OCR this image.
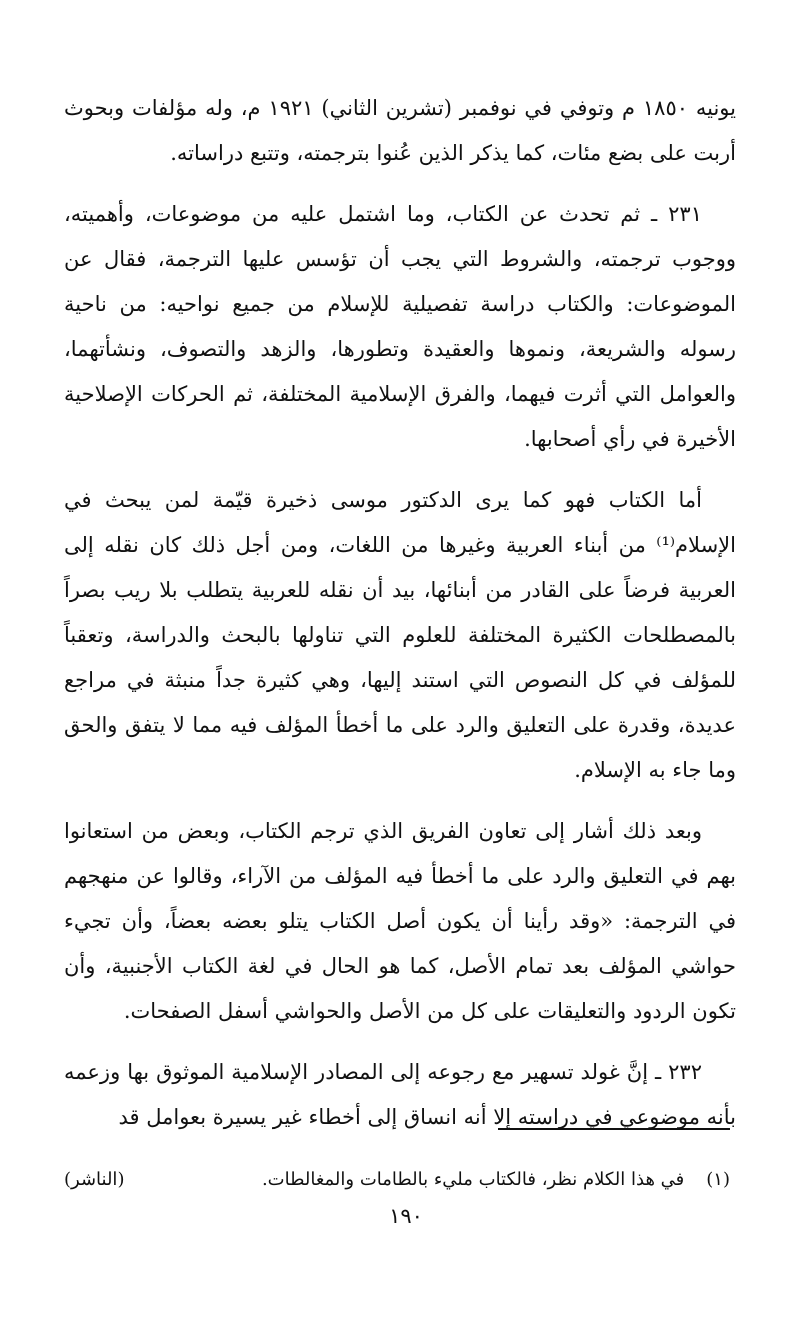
يونيه ١٨٥٠ م وتوفي في نوفمبر (تشرين الثاني) ١٩٢١ م، وله مؤلفات وبحوث أربت على بضع مئات، كما يذكر الذين عُنوا بترجمته، وتتبع دراساته.

٢٣١ ـ ثم تحدث عن الكتاب، وما اشتمل عليه من موضوعات، وأهميته، ووجوب ترجمته، والشروط التي يجب أن تؤسس عليها الترجمة، فقال عن الموضوعات: والكتاب دراسة تفصيلية للإسلام من جميع نواحيه: من ناحية رسوله والشريعة، ونموها والعقيدة وتطورها، والزهد والتصوف، ونشأتهما، والعوامل التي أثرت فيهما، والفرق الإسلامية المختلفة، ثم الحركات الإصلاحية الأخيرة في رأي أصحابها.

أما الكتاب فهو كما يرى الدكتور موسى ذخيرة قيّمة لمن يبحث في الإسلام⁽¹⁾ من أبناء العربية وغيرها من اللغات، ومن أجل ذلك كان نقله إلى العربية فرضاً على القادر من أبنائها، بيد أن نقله للعربية يتطلب بلا ريب بصراً بالمصطلحات الكثيرة المختلفة للعلوم التي تناولها بالبحث والدراسة، وتعقباً للمؤلف في كل النصوص التي استند إليها، وهي كثيرة جداً منبثة في مراجع عديدة، وقدرة على التعليق والرد على ما أخطأ المؤلف فيه مما لا يتفق والحق وما جاء به الإسلام.

وبعد ذلك أشار إلى تعاون الفريق الذي ترجم الكتاب، وبعض من استعانوا بهم في التعليق والرد على ما أخطأ فيه المؤلف من الآراء، وقالوا عن منهجهم في الترجمة: «وقد رأينا أن يكون أصل الكتاب يتلو بعضه بعضاً، وأن تجيء حواشي المؤلف بعد تمام الأصل، كما هو الحال في لغة الكتاب الأجنبية، وأن تكون الردود والتعليقات على كل من الأصل والحواشي أسفل الصفحات.

٢٣٢ ـ إنَّ غولد تسهير مع رجوعه إلى المصادر الإسلامية الموثوق بها وزعمه بأنه موضوعي في دراسته إلا أنه انساق إلى أخطاء غير يسيرة بعوامل قد

(١)
في هذا الكلام نظر، فالكتاب مليء بالطامات والمغالطات.
(الناشر)
١٩٠
